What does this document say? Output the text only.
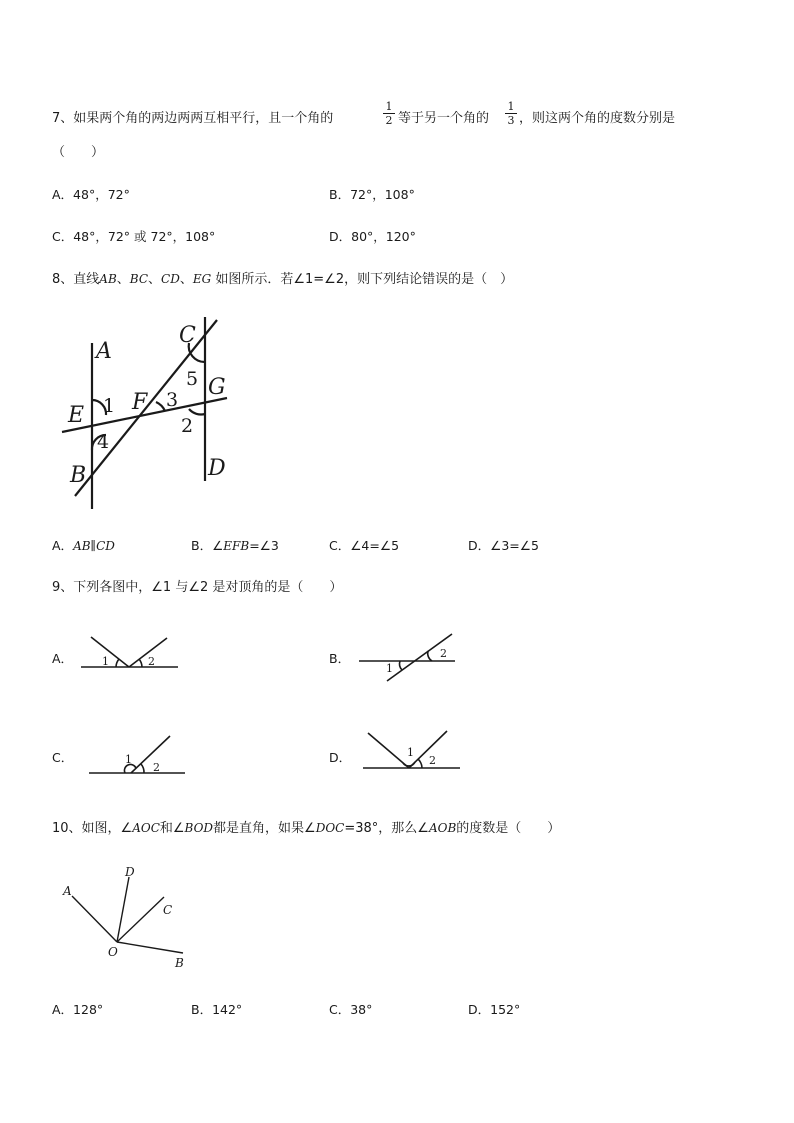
7、如果两个角的两边两两互相平行，且一个角的	$\frac{1}{2}$ 等于另一个角的 $\frac{1}{3}$ ，则这两个角的度数分别是
（　　）
A．48°，72°	B．72°，108°
C．48°，72° 或 72°，108°	D．80°，120°
8、直线AB、BC、CD、EG 如图所示．若∠1=∠2，则下列结论错误的是（　）
A
C
G
E
F
B	D
1
4
3
5
2
A．AB∥CD	B．∠EFB=∠3	C．∠4=∠5	D．∠3=∠5
9、下列各图中，∠1 与∠2 是对顶角的是（　　）
A．	B．
C．	D．
1	2
2
1
1
2
1
2
10、如图，∠AOC和∠BOD都是直角，如果∠DOC=38°，那么∠AOB的度数是（　　）
A
D
C
O
B
A．128°	B．142°	C．38°	D．152°
